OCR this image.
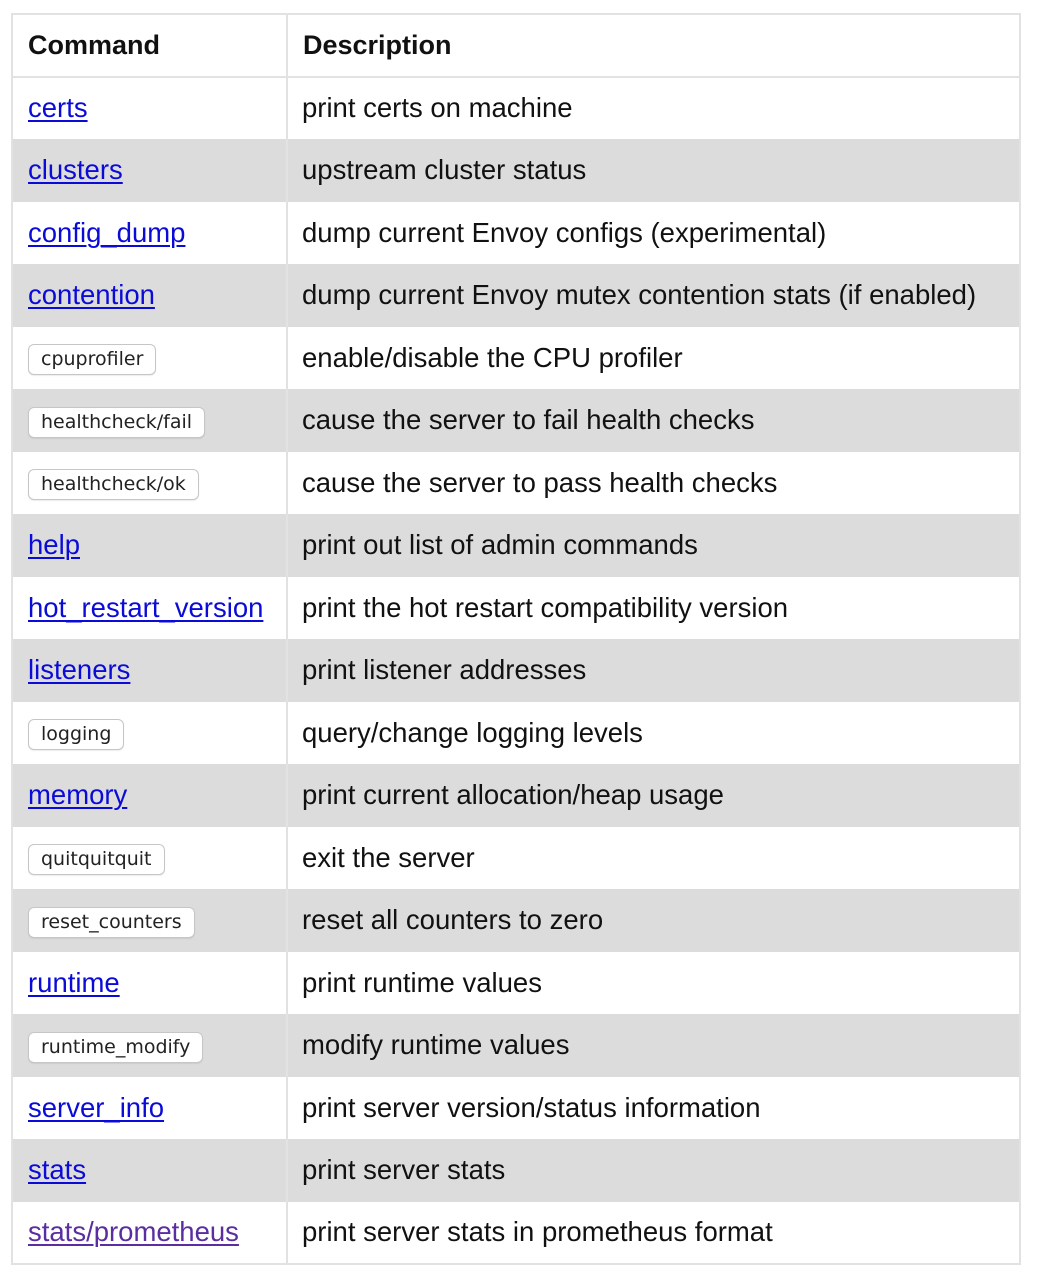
Command	Description
certs	print certs on machine
clusters	upstream cluster status
config_dump	dump current Envoy configs (experimental)
contention	dump current Envoy mutex contention stats (if enabled)
cpuprofiler	enable/disable the CPU profiler
healthcheck/fail	cause the server to fail health checks
healthcheck/ok	cause the server to pass health checks
help	print out list of admin commands
hot_restart_version	print the hot restart compatibility version
listeners	print listener addresses
logging	query/change logging levels
memory	print current allocation/heap usage
quitquitquit	exit the server
reset_counters	reset all counters to zero
runtime	print runtime values
runtime_modify	modify runtime values
server_info	print server version/status information
stats	print server stats
stats/prometheus	print server stats in prometheus format
